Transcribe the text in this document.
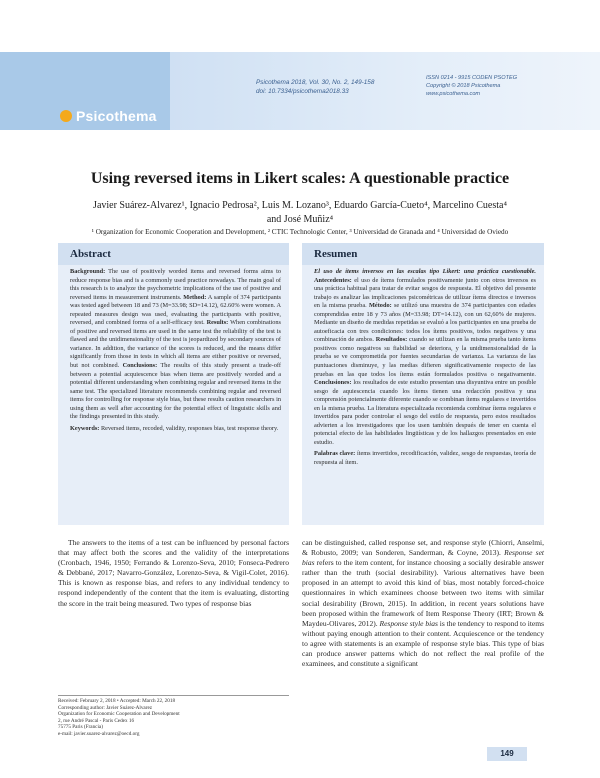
Psicothema
Psicothema 2018, Vol. 30, No. 2, 149-158
doi: 10.7334/psicothema2018.33
ISSN 0214 - 9915 CODEN PSOTEG
Copyright © 2018 Psicothema
www.psicothema.com
Using reversed items in Likert scales: A questionable practice
Javier Suárez-Alvarez¹, Ignacio Pedrosa², Luis M. Lozano³, Eduardo García-Cueto⁴, Marcelino Cuesta⁴
and José Muñiz⁴
¹ Organization for Economic Cooperation and Development, ² CTIC Technologic Center, ³ Universidad de Granada and ⁴ Universidad de Oviedo
Abstract
Background: The use of positively worded items and reversed forms aims to reduce response bias and is a commonly used practice nowadays. The main goal of this research is to analyze the psychometric implications of the use of positive and reversed items in measurement instruments. Method: A sample of 374 participants was tested aged between 18 and 73 (M=33.98; SD=14.12), 62.60% were women. A repeated measures design was used, evaluating the participants with positive, reversed, and combined forms of a self-efficacy test. Results: When combinations of positive and reversed items are used in the same test the reliability of the test is flawed and the unidimensionality of the test is jeopardized by secondary sources of variance. In addition, the variance of the scores is reduced, and the means differ significantly from those in tests in which all items are either positive or reversed, but not combined. Conclusions: The results of this study present a trade-off between a potential acquiescence bias when items are positively worded and a potential different understanding when combining regular and reversed items in the same test. The specialized literature recommends combining regular and reversed items for controlling for response style bias, but these results caution researchers in using them as well after accounting for the potential effect of linguistic skills and the findings presented in this study.
Keywords: Reversed items, recoded, validity, responses bias, test response theory.
Resumen
El uso de ítems inversos en las escalas tipo Likert: una práctica cuestionable. Antecedentes: el uso de ítems formulados positivamente junto con otros inversos es una práctica habitual para tratar de evitar sesgos de respuesta. El objetivo del presente trabajo es analizar las implicaciones psicométricas de utilizar ítems directos e inversos en la misma prueba. Método: se utilizó una muestra de 374 participantes con edades comprendidas entre 18 y 73 años (M=33.98; DT=14.12), con un 62,60% de mujeres. Mediante un diseño de medidas repetidas se evaluó a los participantes en una prueba de autoeficacia con tres condiciones: todos los ítems positivos, todos negativos y una combinación de ambos. Resultados: cuando se utilizan en la misma prueba tanto ítems positivos como negativos su fiabilidad se deteriora, y la unidimensionalidad de la prueba se ve comprometida por fuentes secundarias de varianza. La varianza de las puntuaciones disminuye, y las medias difieren significativamente respecto de las pruebas en las que todos los ítems están formulados positiva o negativamente. Conclusiones: los resultados de este estudio presentan una disyuntiva entre un posible sesgo de aquiescencia cuando los ítems tienen una redacción positiva y una comprensión potencialmente diferente cuando se combinan ítems regulares e invertidos en la misma prueba. La literatura especializada recomienda combinar ítems regulares e invertidos para poder controlar el sesgo del estilo de respuesta, pero estos resultados advierten a los investigadores que los usen también después de tener en cuenta el potencial efecto de las habilidades lingüísticas y de los hallazgos presentados en este estudio.
Palabras clave: ítems invertidos, recodificación, validez, sesgo de respuestas, teoría de respuesta al ítem.
The answers to the items of a test can be influenced by personal factors that may affect both the scores and the validity of the interpretations (Cronbach, 1946, 1950; Ferrando & Lorenzo-Seva, 2010; Fonseca-Pedrero & Debbané, 2017; Navarro-González, Lorenzo-Seva, & Vigil-Colet, 2016). This is known as response bias, and refers to any individual tendency to respond independently of the content that the item is evaluating, distorting the score in the trait being measured. Two types of response bias
can be distinguished, called response set, and response style (Chiorri, Anselmi, & Robusto, 2009; van Sonderen, Sanderman, & Coyne, 2013). Response set bias refers to the item content, for instance choosing a socially desirable answer rather than the truth (social desirability). Various alternatives have been proposed in an attempt to avoid this kind of bias, most notably forced-choice questionnaires in which examinees choose between two items with similar social desirability (Brown, 2015). In addition, in recent years solutions have been proposed within the framework of Item Response Theory (IRT; Brown & Maydeu-Olivares, 2012). Response style bias is the tendency to respond to items without paying enough attention to their content. Acquiescence or the tendency to agree with statements is an example of response style bias. This type of bias can produce answer patterns which do not reflect the real profile of the examinees, and constitute a significant
Received: February 2, 2018 • Accepted: March 22, 2018
Corresponding author: Javier Suárez-Alvarez
Organization for Economic Cooperation and Development
2, rue André Pascal - Paris Cedex 16
75775 Paris (Francia)
e-mail: javier.suarez-alvarez@oecd.org
149
